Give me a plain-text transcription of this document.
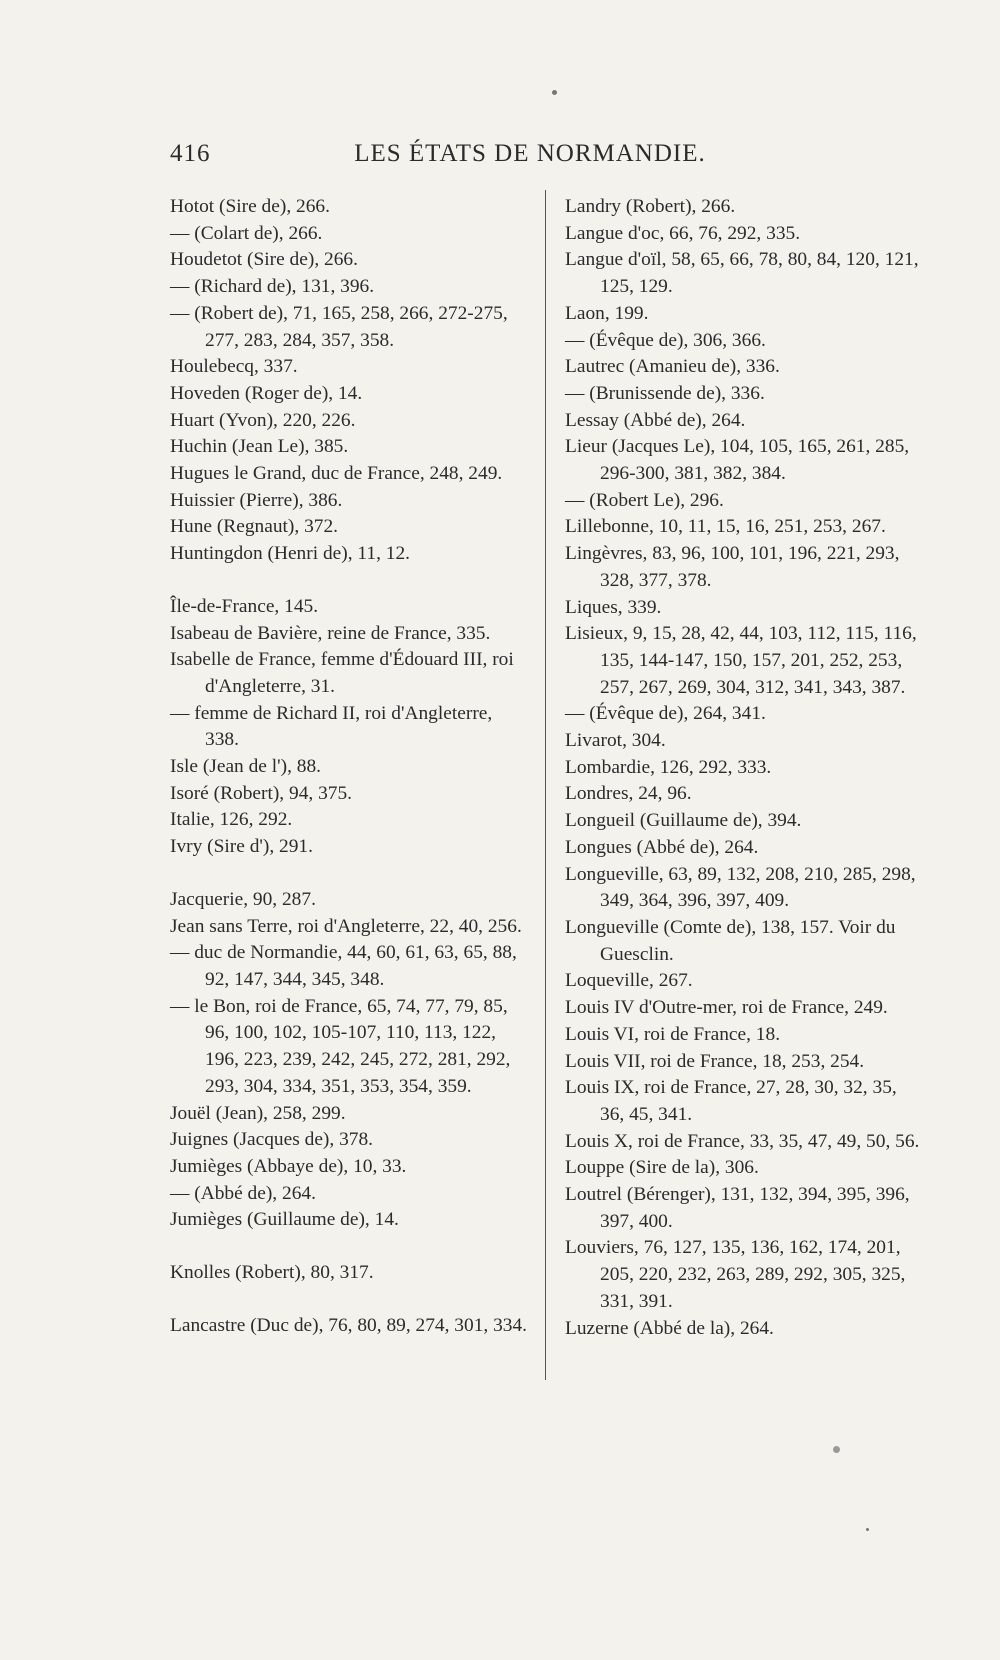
416	LES ÉTATS DE NORMANDIE.

Hotot (Sire de), 266.

— (Colart de), 266.

Houdetot (Sire de), 266.

— (Richard de), 131, 396.

— (Robert de), 71, 165, 258, 266, 272-275, 277, 283, 284, 357, 358.

Houlebecq, 337.

Hoveden (Roger de), 14.

Huart (Yvon), 220, 226.

Huchin (Jean Le), 385.

Hugues le Grand, duc de France, 248, 249.

Huissier (Pierre), 386.

Hune (Regnaut), 372.

Huntingdon (Henri de), 11, 12.

Île-de-France, 145.

Isabeau de Bavière, reine de France, 335.

Isabelle de France, femme d'Édouard III, roi d'Angleterre, 31.

— femme de Richard II, roi d'Angleterre, 338.

Isle (Jean de l'), 88.

Isoré (Robert), 94, 375.

Italie, 126, 292.

Ivry (Sire d'), 291.

Jacquerie, 90, 287.

Jean sans Terre, roi d'Angleterre, 22, 40, 256.

— duc de Normandie, 44, 60, 61, 63, 65, 88, 92, 147, 344, 345, 348.

— le Bon, roi de France, 65, 74, 77, 79, 85, 96, 100, 102, 105-107, 110, 113, 122, 196, 223, 239, 242, 245, 272, 281, 292, 293, 304, 334, 351, 353, 354, 359.

Jouël (Jean), 258, 299.

Juignes (Jacques de), 378.

Jumièges (Abbaye de), 10, 33.

— (Abbé de), 264.

Jumièges (Guillaume de), 14.

Knolles (Robert), 80, 317.

Lancastre (Duc de), 76, 80, 89, 274, 301, 334.

Landry (Robert), 266.

Langue d'oc, 66, 76, 292, 335.

Langue d'oïl, 58, 65, 66, 78, 80, 84, 120, 121, 125, 129.

Laon, 199.

— (Évêque de), 306, 366.

Lautrec (Amanieu de), 336.

— (Brunissende de), 336.

Lessay (Abbé de), 264.

Lieur (Jacques Le), 104, 105, 165, 261, 285, 296-300, 381, 382, 384.

— (Robert Le), 296.

Lillebonne, 10, 11, 15, 16, 251, 253, 267.

Lingèvres, 83, 96, 100, 101, 196, 221, 293, 328, 377, 378.

Liques, 339.

Lisieux, 9, 15, 28, 42, 44, 103, 112, 115, 116, 135, 144-147, 150, 157, 201, 252, 253, 257, 267, 269, 304, 312, 341, 343, 387.

— (Évêque de), 264, 341.

Livarot, 304.

Lombardie, 126, 292, 333.

Londres, 24, 96.

Longueil (Guillaume de), 394.

Longues (Abbé de), 264.

Longueville, 63, 89, 132, 208, 210, 285, 298, 349, 364, 396, 397, 409.

Longueville (Comte de), 138, 157. Voir du Guesclin.

Loqueville, 267.

Louis IV d'Outre-mer, roi de France, 249.

Louis VI, roi de France, 18.

Louis VII, roi de France, 18, 253, 254.

Louis IX, roi de France, 27, 28, 30, 32, 35, 36, 45, 341.

Louis X, roi de France, 33, 35, 47, 49, 50, 56.

Louppe (Sire de la), 306.

Loutrel (Bérenger), 131, 132, 394, 395, 396, 397, 400.

Louviers, 76, 127, 135, 136, 162, 174, 201, 205, 220, 232, 263, 289, 292, 305, 325, 331, 391.

Luzerne (Abbé de la), 264.
